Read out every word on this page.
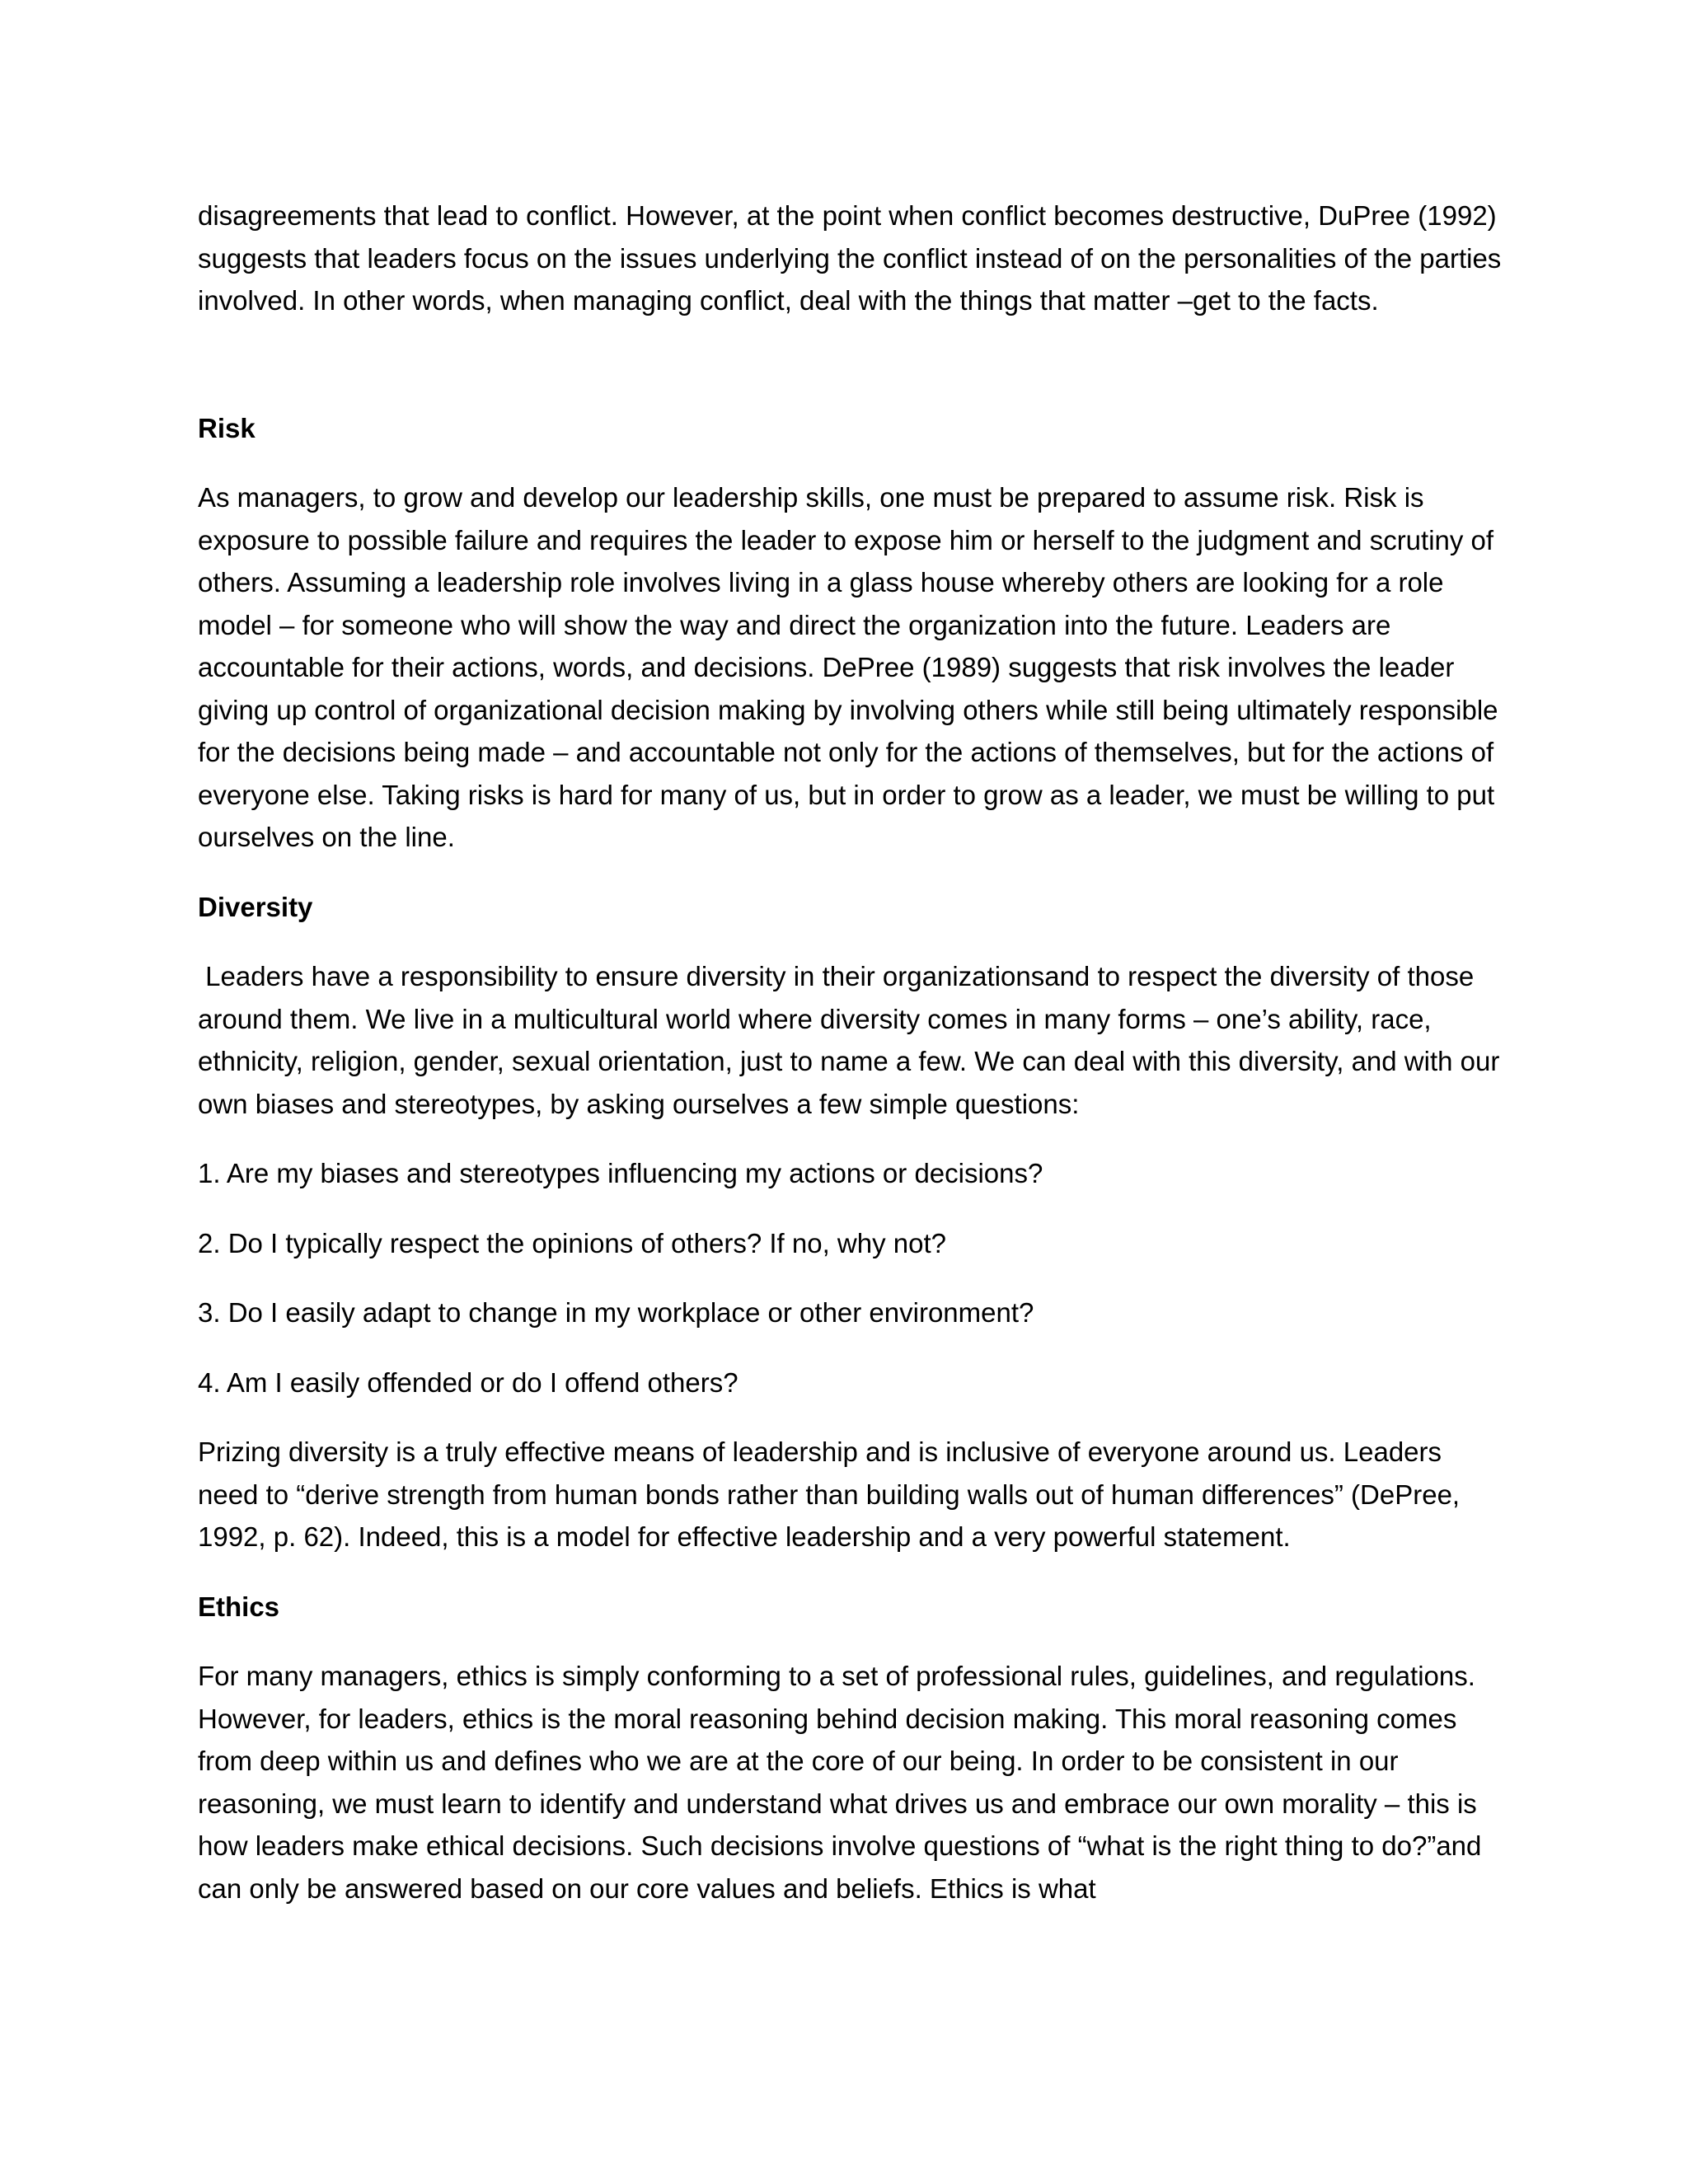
disagreements that lead to conflict. However, at the point when conflict becomes destructive, DuPree (1992) suggests that leaders focus on the issues underlying the conflict instead of on the personalities of the parties involved. In other words, when managing conflict, deal with the things that matter –get to the facts.

Risk

As managers, to grow and develop our leadership skills, one must be prepared to assume risk. Risk is exposure to possible failure and requires the leader to expose him or herself to the judgment and scrutiny of others. Assuming a leadership role involves living in a glass house whereby others are looking for a role model – for someone who will show the way and direct the organization into the future. Leaders are accountable for their actions, words, and decisions. DePree (1989) suggests that risk involves the leader giving up control of organizational decision making by involving others while still being ultimately responsible for the decisions being made – and accountable not only for the actions of themselves, but for the actions of everyone else. Taking risks is hard for many of us, but in order to grow as a leader, we must be willing to put ourselves on the line.

Diversity

Leaders have a responsibility to ensure diversity in their organizationsand to respect the diversity of those around them. We live in a multicultural world where diversity comes in many forms – one’s ability, race, ethnicity, religion, gender, sexual orientation, just to name a few. We can deal with this diversity, and with our own biases and stereotypes, by asking ourselves a few simple questions:

1. Are my biases and stereotypes influencing my actions or decisions?

2. Do I typically respect the opinions of others? If no, why not?

3. Do I easily adapt to change in my workplace or other environment?

4. Am I easily offended or do I offend others?

Prizing diversity is a truly effective means of leadership and is inclusive of everyone around us. Leaders need to “derive strength from human bonds rather than building walls out of human differences” (DePree, 1992, p. 62). Indeed, this is a model for effective leadership and a very powerful statement.

Ethics

For many managers, ethics is simply conforming to a set of professional rules, guidelines, and regulations. However, for leaders, ethics is the moral reasoning behind decision making. This moral reasoning comes from deep within us and defines who we are at the core of our being. In order to be consistent in our reasoning, we must learn to identify and understand what drives us and embrace our own morality – this is how leaders make ethical decisions. Such decisions involve questions of “what is the right thing to do?”and can only be answered based on our core values and beliefs. Ethics is what
